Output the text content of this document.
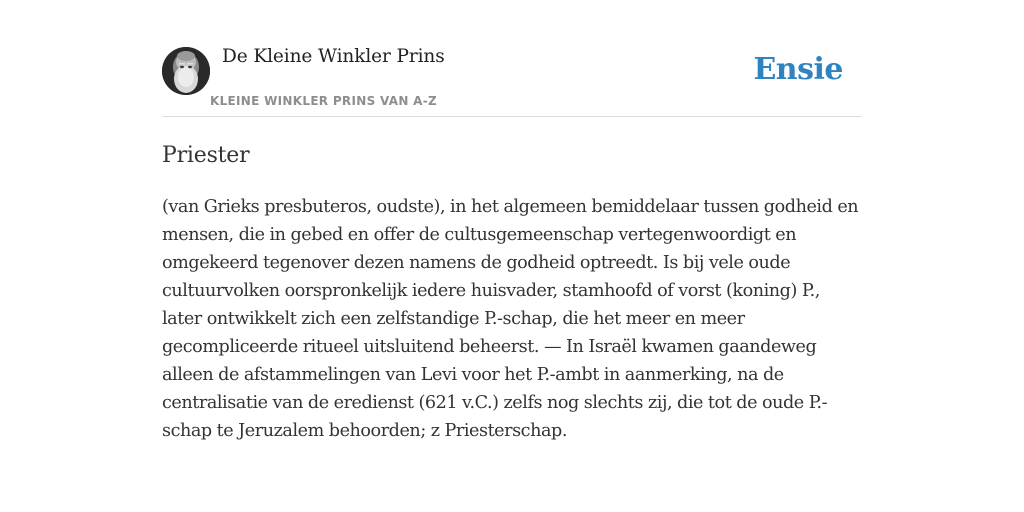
De Kleine Winkler Prins
KLEINE WINKLER PRINS VAN A-Z
Ensie
Priester

(van Grieks presbuteros, oudste), in het algemeen bemiddelaar tussen godheid en mensen, die in gebed en offer de cultusgemeenschap vertegenwoordigt en omgekeerd tegenover dezen namens de godheid optreedt. Is bij vele oude cultuurvolken oorspronkelijk iedere huisvader, stamhoofd of vorst (koning) P., later ontwikkelt zich een zelfstandige P.-schap, die het meer en meer gecompliceerde ritueel uitsluitend beheerst. — In Israël kwamen gaandeweg alleen de afstammelingen van Levi voor het P.-ambt in aanmerking, na de centralisatie van de eredienst (621 v.C.) zelfs nog slechts zij, die tot de oude P.-schap te Jeruzalem behoorden; z Priesterschap.
